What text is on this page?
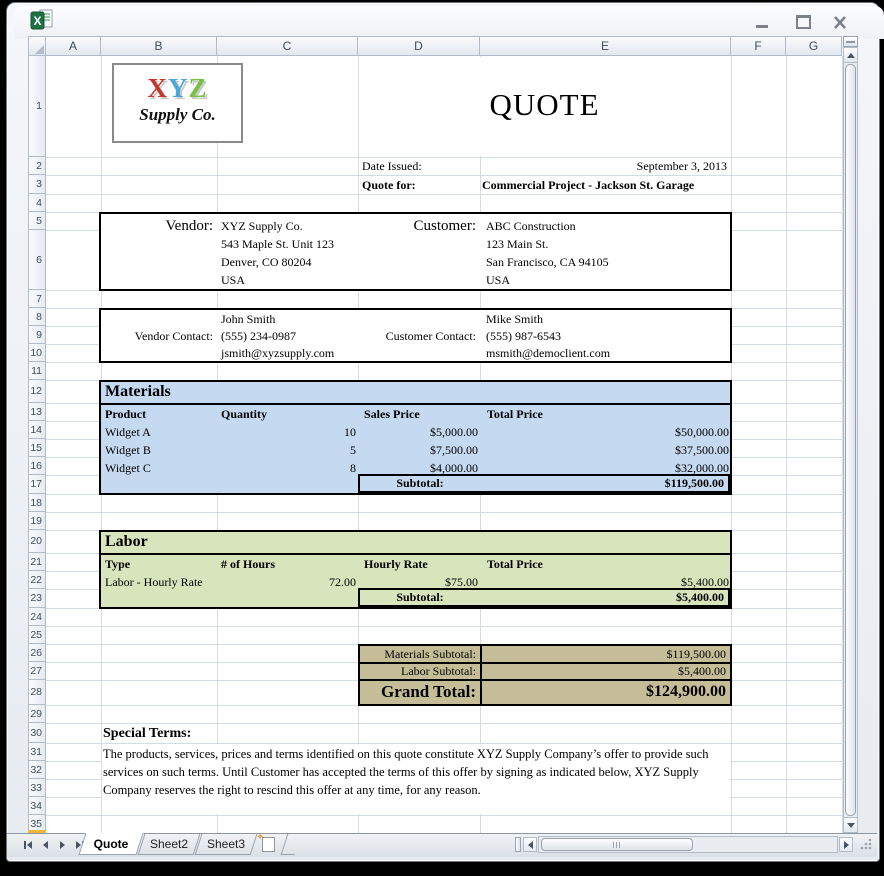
X
A	B	C	D	E	F	G
1
2
3
4
5
6
7
8
9
10
11
12
13
14
15
16
17
18
19
20
21
22
23
24
25
26
27
28
29
30
31
32
33
34
35
XYZ
Supply Co.	QUOTE
Date Issued:	September 3, 2013
Quote for:	Commercial Project - Jackson St. Garage
Vendor: XYZ Supply Co.
543 Maple St. Unit 123
Denver, CO 80204
USA
Customer: ABC Construction
123 Main St.
San Francisco, CA 94105
USA
Vendor Contact:
John Smith
(555) 234-0987
jsmith@xyzsupply.com
Customer Contact:
Mike Smith
(555) 987-6543
msmith@democlient.com
Materials
Product	Quantity	Sales Price	Total Price
Widget A	10	$5,000.00	$50,000.00
Widget B	5	$7,500.00	$37,500.00
Widget C	8	$4,000.00	$32,000.00
Subtotal:	$119,500.00
Labor
Type	# of Hours	Hourly Rate	Total Price
Labor - Hourly Rate	72.00	$75.00	$5,400.00
Subtotal:	$5,400.00
Materials Subtotal:	$119,500.00
Labor Subtotal:	$5,400.00
Grand Total:	$124,900.00
Special Terms:
The products, services, prices and terms identified on this quote constitute XYZ Supply Company’s offer to provide such services on such terms. Until Customer has accepted the terms of this offer by signing as indicated below, XYZ Supply Company reserves the right to rescind this offer at any time, for any reason.
Quote	Sheet2	Sheet3	✦
